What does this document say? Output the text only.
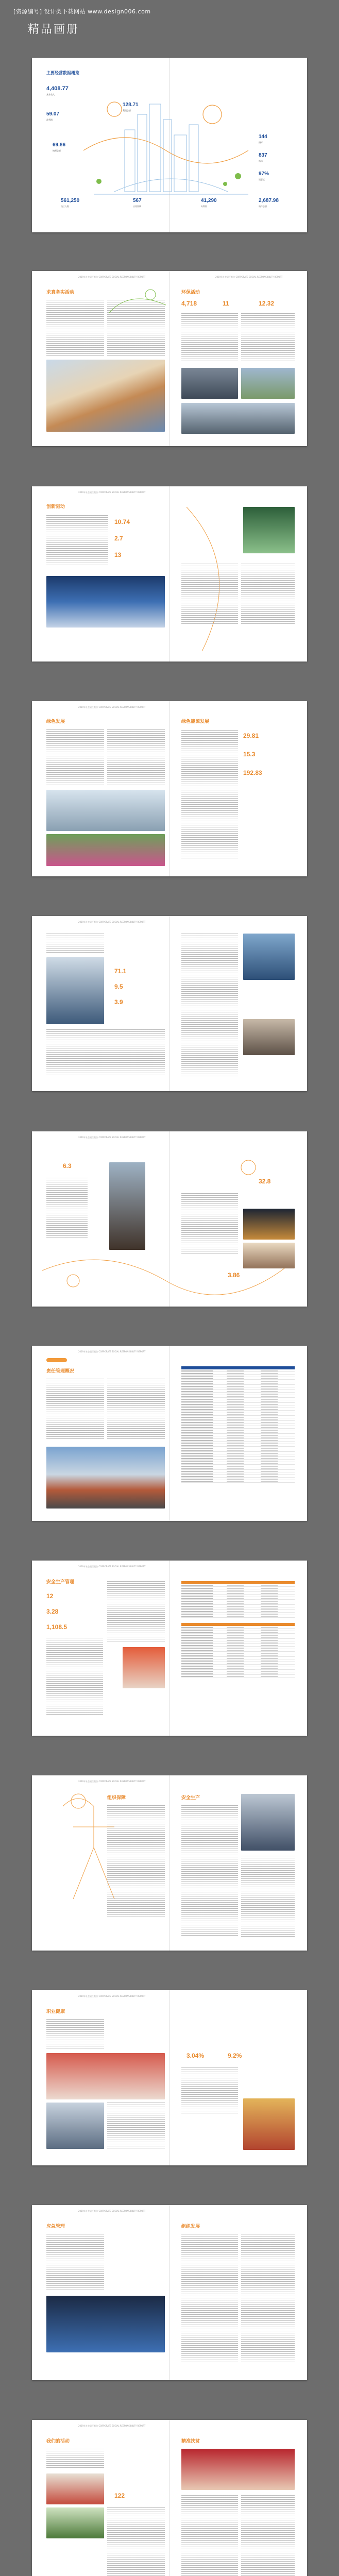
[资源编号] 设计类下载网站 www.design006.com
精品画册
主要经营数据概览
4,408.77
营业收入
128.71
利润总额
59.07
净利润
69.86
纳税总额
561,250
员工人数
567
应用案例
41,290
专利数
2,687.98
资产总额
144
指标
837
指标
97%
满意度
2019年社会责任报告 CORPORATE SOCIAL RESPONSIBILITY REPORT	2019年社会责任报告 CORPORATE SOCIAL RESPONSIBILITY REPORT
求真务实活动	环保活动
4,718	11	12.32
2019年社会责任报告 CORPORATE SOCIAL RESPONSIBILITY REPORT
创新驱动
10.74
2.7
13
2019年社会责任报告 CORPORATE SOCIAL RESPONSIBILITY REPORT
绿色发展	绿色能源发展
29.81
15.3
192.83
2019年社会责任报告 CORPORATE SOCIAL RESPONSIBILITY REPORT
71.1
9.5
3.9
2019年社会责任报告 CORPORATE SOCIAL RESPONSIBILITY REPORT
6.3
32.8
3.86
2019年社会责任报告 CORPORATE SOCIAL RESPONSIBILITY REPORT
责任管理概况
2019年社会责任报告 CORPORATE SOCIAL RESPONSIBILITY REPORT
安全生产管理
12
3.28
1,108.5
2019年社会责任报告 CORPORATE SOCIAL RESPONSIBILITY REPORT
组织保障	安全生产
2019年社会责任报告 CORPORATE SOCIAL RESPONSIBILITY REPORT
职业健康
3.04%	9.2%
2019年社会责任报告 CORPORATE SOCIAL RESPONSIBILITY REPORT
应急管理	组织发展
2019年社会责任报告 CORPORATE SOCIAL RESPONSIBILITY REPORT
我们的活动
122
精准扶贫
